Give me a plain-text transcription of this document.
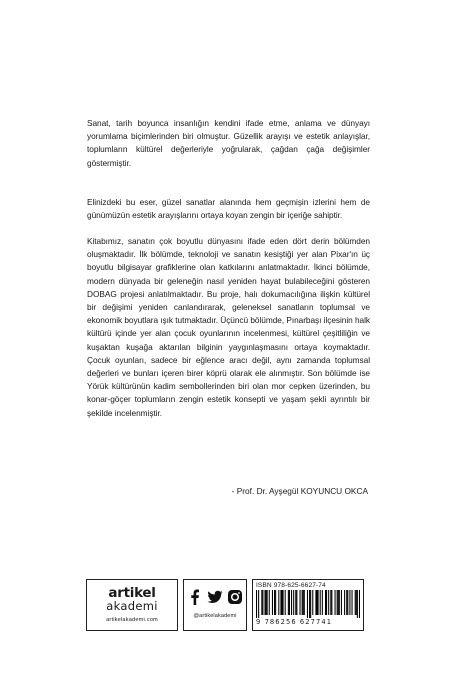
Sanat, tarih boyunca insanlığın kendini ifade etme, anlama ve dünyayı yorumlama biçimlerinden biri olmuştur. Güzellik arayışı ve estetik anlayışlar, toplumların kültürel değerleriyle yoğrularak, çağdan çağa değişimler göstermiştir.
Elinizdeki bu eser, güzel sanatlar alanında hem geçmişin izlerini hem de günümüzün estetik arayışlarını ortaya koyan zengin bir içeriğe sahiptir.
Kitabımız, sanatın çok boyutlu dünyasını ifade eden dört derin bölümden oluşmaktadır. İlk bölümde, teknoloji ve sanatın kesiştiği yer alan Pixar'ın üç boyutlu bilgisayar grafiklerine olan katkılarını anlatmaktadır. İkinci bölümde, modern dünyada bir geleneğin nasıl yeniden hayat bulabileceğini gösteren DOBAG projesi anlatılmaktadır. Bu proje, halı dokumacılığına ilişkin kültürel bir değişimi yeniden canlandırarak, geleneksel sanatların toplumsal ve ekonomik boyutlara ışık tutmaktadır. Üçüncü bölümde, Pınarbaşı ilçesinin halk kültürü içinde yer alan çocuk oyunlarının incelenmesi, kültürel çeşitliliğin ve kuşaktan kuşağa aktarılan bilginin yaygınlaşmasını ortaya koymaktadır. Çocuk oyunları, sadece bir eğlence aracı değil, aynı zamanda toplumsal değerleri ve bunları içeren birer köprü olarak ele alınmıştır. Son bölümde ise Yörük kültürünün kadim sembollerinden biri olan mor cepken üzerinden, bu konar-göçer toplumların zengin estetik konsepti ve yaşam şekli ayrıntılı bir şekilde incelenmiştir.
- Prof. Dr. Ayşegül KOYUNCU OKCA
artikel
akademi
artikelakademi.com
@artikelakademi
ISBN 978-625-6627-74
9 786256 627741
